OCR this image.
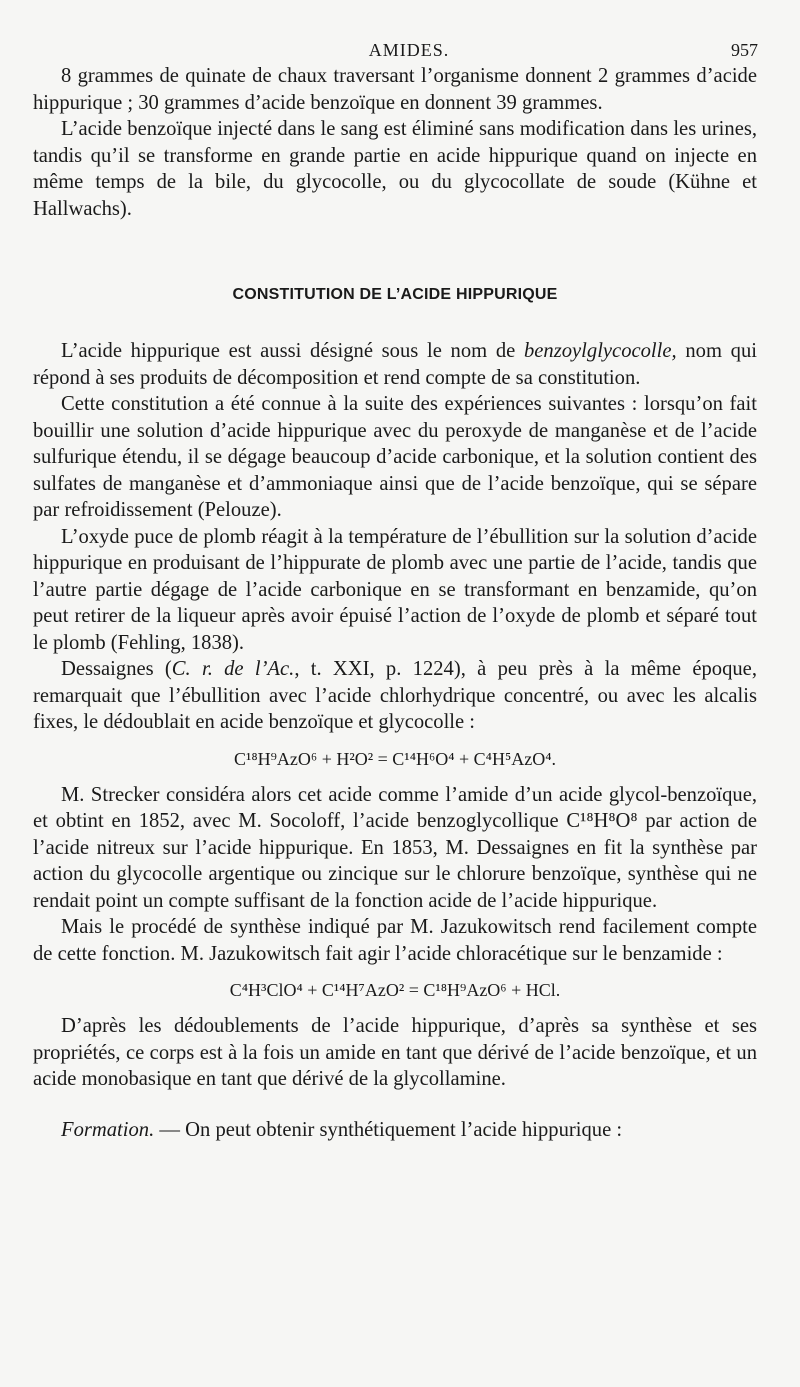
AMIDES.	957

8 grammes de quinate de chaux traversant l’organisme donnent 2 grammes d’acide hippurique ; 30 grammes d’acide benzoïque en donnent 39 grammes.

L’acide benzoïque injecté dans le sang est éliminé sans modification dans les urines, tandis qu’il se transforme en grande partie en acide hippurique quand on injecte en même temps de la bile, du glycocolle, ou du glycocollate de soude (Kühne et Hallwachs).

CONSTITUTION DE L’ACIDE HIPPURIQUE

L’acide hippurique est aussi désigné sous le nom de benzoylglycocolle, nom qui répond à ses produits de décomposition et rend compte de sa constitution.

Cette constitution a été connue à la suite des expériences suivantes : lorsqu’on fait bouillir une solution d’acide hippurique avec du peroxyde de manganèse et de l’acide sulfurique étendu, il se dégage beaucoup d’acide carbonique, et la solution contient des sulfates de manganèse et d’ammoniaque ainsi que de l’acide benzoïque, qui se sépare par refroidissement (Pelouze).

L’oxyde puce de plomb réagit à la température de l’ébullition sur la solution d’acide hippurique en produisant de l’hippurate de plomb avec une partie de l’acide, tandis que l’autre partie dégage de l’acide carbonique en se transformant en benzamide, qu’on peut retirer de la liqueur après avoir épuisé l’action de l’oxyde de plomb et séparé tout le plomb (Fehling, 1838).

Dessaignes (C. r. de l’Ac., t. XXI, p. 1224), à peu près à la même époque, remarquait que l’ébullition avec l’acide chlorhydrique concentré, ou avec les alcalis fixes, le dédoublait en acide benzoïque et glycocolle :

C¹⁸H⁹AzO⁶ + H²O² = C¹⁴H⁶O⁴ + C⁴H⁵AzO⁴.

M. Strecker considéra alors cet acide comme l’amide d’un acide glycol-benzoïque, et obtint en 1852, avec M. Socoloff, l’acide benzoglycollique C¹⁸H⁸O⁸ par action de l’acide nitreux sur l’acide hippurique. En 1853, M. Dessaignes en fit la synthèse par action du glycocolle argentique ou zincique sur le chlorure benzoïque, synthèse qui ne rendait point un compte suffisant de la fonction acide de l’acide hippurique.

Mais le procédé de synthèse indiqué par M. Jazukowitsch rend facilement compte de cette fonction. M. Jazukowitsch fait agir l’acide chloracétique sur le benzamide :

C⁴H³ClO⁴ + C¹⁴H⁷AzO² = C¹⁸H⁹AzO⁶ + HCl.

D’après les dédoublements de l’acide hippurique, d’après sa synthèse et ses propriétés, ce corps est à la fois un amide en tant que dérivé de l’acide benzoïque, et un acide monobasique en tant que dérivé de la glycollamine.

Formation. — On peut obtenir synthétiquement l’acide hippurique :
